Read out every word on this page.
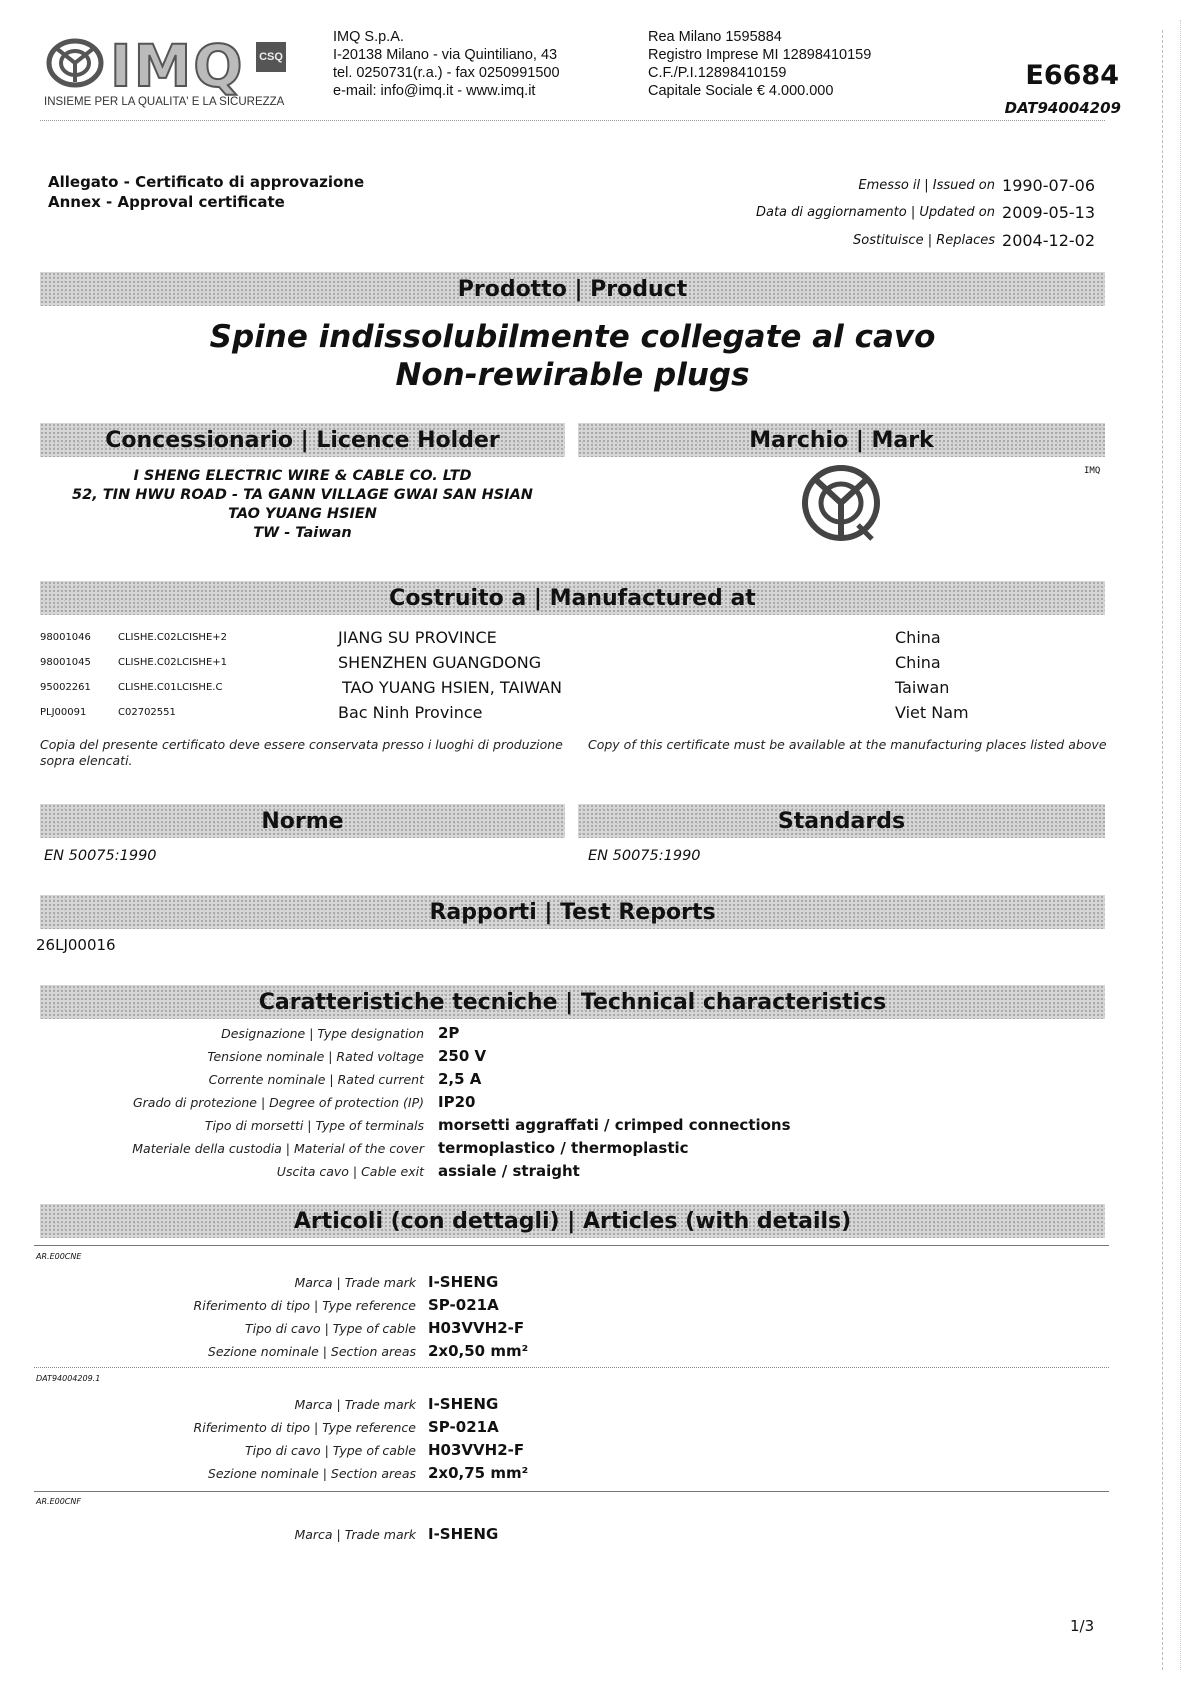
IMQ CSQ
INSIEME PER LA QUALITA' E LA SICUREZZA
IMQ S.p.A.
I-20138 Milano - via Quintiliano, 43
tel. 0250731(r.a.) - fax 0250991500
e-mail: info@imq.it - www.imq.it
Rea Milano 1595884
Registro Imprese MI 12898410159
C.F./P.I.12898410159
Capitale Sociale € 4.000.000	E6684
DAT94004209
Allegato - Certificato di approvazione
Annex - Approval certificate
Emesso il | Issued on 1990-07-06
Data di aggiornamento | Updated on 2009-05-13
Sostituisce | Replaces 2004-12-02
Prodotto | Product
Spine indissolubilmente collegate al cavo
Non-rewirable plugs
Concessionario | Licence Holder	Marchio | Mark
I SHENG ELECTRIC WIRE & CABLE CO. LTD
52, TIN HWU ROAD - TA GANN VILLAGE GWAI SAN HSIAN
TAO YUANG HSIEN
TW - Taiwan
IMQ
Costruito a | Manufactured at
98001046	CLISHE.C02LCISHE+2	JIANG SU PROVINCE	China
98001045	CLISHE.C02LCISHE+1	SHENZHEN GUANGDONG	China
95002261	CLISHE.C01LCISHE.C	TAO YUANG HSIEN, TAIWAN	Taiwan
PLJ00091	C02702551	Bac Ninh Province	Viet Nam
Copia del presente certificato deve essere conservata presso i luoghi di produzione sopra elencati.
Copy of this certificate must be available at the manufacturing places listed above
Norme	Standards
EN 50075:1990	EN 50075:1990
Rapporti | Test Reports
26LJ00016
Caratteristiche tecniche | Technical characteristics
Designazione | Type designation 2P
Tensione nominale | Rated voltage 250 V
Corrente nominale | Rated current 2,5 A
Grado di protezione | Degree of protection (IP) IP20
Tipo di morsetti | Type of terminals morsetti aggraffati / crimped connections
Materiale della custodia | Material of the cover termoplastico / thermoplastic
Uscita cavo | Cable exit assiale / straight
Articoli (con dettagli) | Articles (with details)
AR.E00CNE
Marca | Trade mark I-SHENG
Riferimento di tipo | Type reference SP-021A
Tipo di cavo | Type of cable H03VVH2-F
Sezione nominale | Section areas 2x0,50 mm²
DAT94004209.1
Marca | Trade mark I-SHENG
Riferimento di tipo | Type reference SP-021A
Tipo di cavo | Type of cable H03VVH2-F
Sezione nominale | Section areas 2x0,75 mm²
AR.E00CNF
Marca | Trade mark I-SHENG
1/3
